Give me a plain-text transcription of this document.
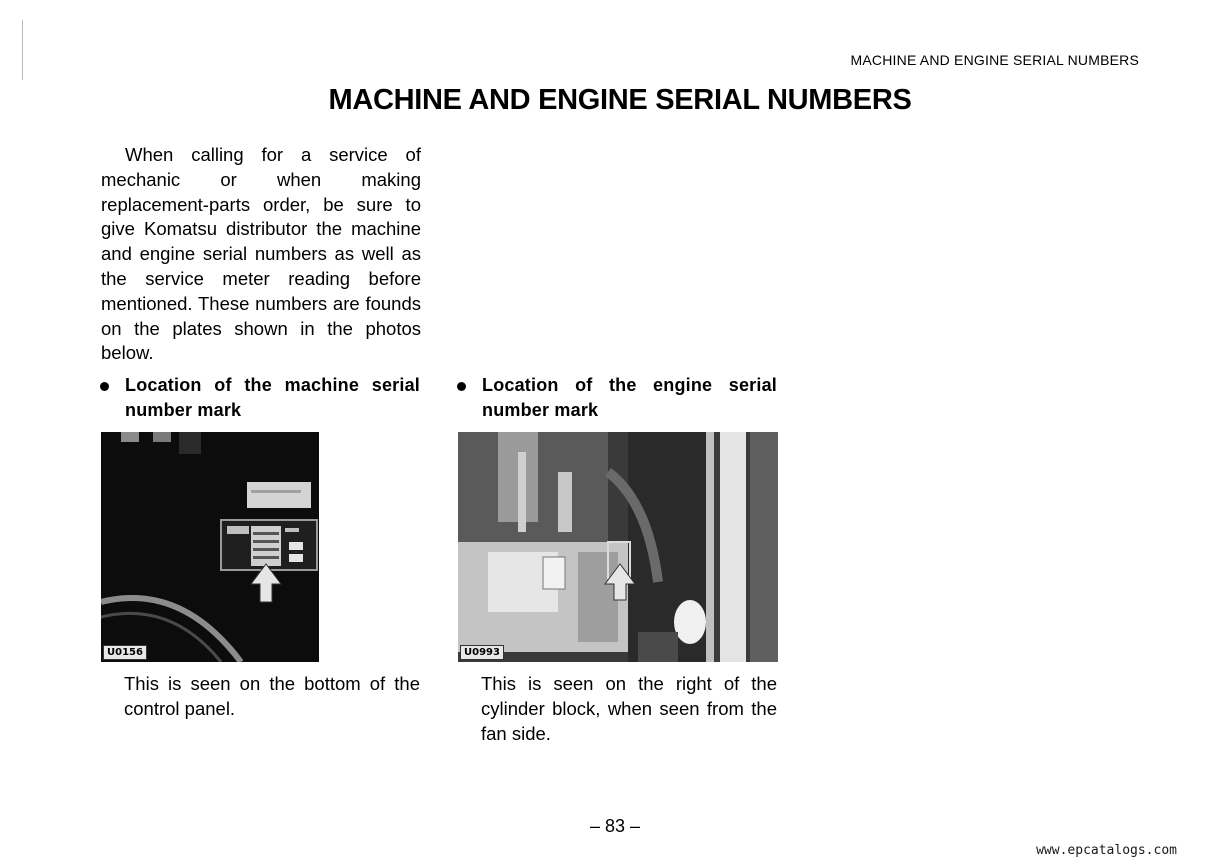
MACHINE AND ENGINE SERIAL NUMBERS
MACHINE AND ENGINE SERIAL NUMBERS

When calling for a service of mechanic or when making replacement-parts order, be sure to give Komatsu distributor the machine and engine serial numbers as well as the service meter reading before mentioned. These numbers are founds on the plates shown in the photos below.

Location of the machine serial number mark
U0156
This is seen on the bottom of the control panel.
Location of the engine serial number mark
U0993
This is seen on the right of the cylinder block, when seen from the fan side.
– 83 –
www.epcatalogs.com
